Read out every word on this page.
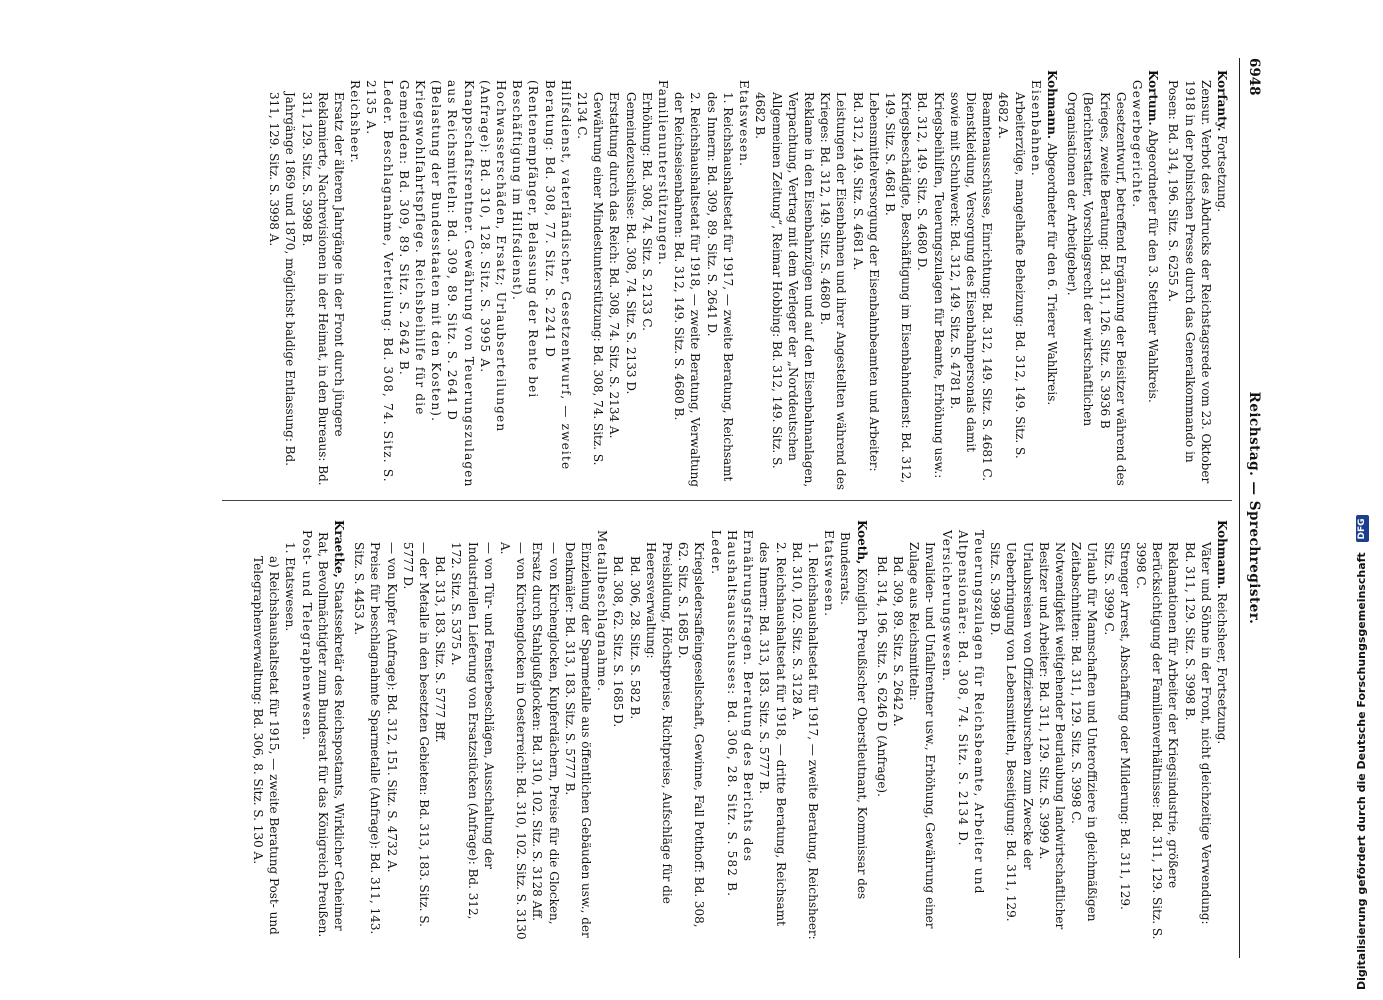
6948
Reichstag. — Sprechregister.

Korfanty. Fortsetzung.

Zensur. Verbot des Abdrucks der Reichstagsrede vom 23. Oktober 1918 in der polnischen Presse durch das Generalkommando in Posen: Bd. 314, 196. Sitz. S. 6255 A.

Kortum. Abgeordneter für den 3. Stettiner Wahlkreis.

Gewerbegerichte.

Gesetzentwurf, betreffend Ergänzung der Beisitzer während des Krieges, zweite Beratung: Bd. 311, 126. Sitz. S. 3936 B (Berichterstatter, Vorschlagsrecht der wirtschaftlichen Organisationen der Arbeitgeber).

Kohmann. Abgeordneter für den 6. Trierer Wahlkreis.

Eisenbahnen.

Arbeiterzüge, mangelhafte Beheizung: Bd. 312, 149. Sitz. S. 4682 A.

Beamtenausschüsse, Einrichtung: Bd. 312, 149. Sitz. S. 4681 C.

Dienstkleidung, Versorgung des Eisenbahnpersonals damit sowie mit Schuhwerk: Bd. 312, 149. Sitz. S. 4781 B.

Kriegsbeihilfen, Teuerungszulagen für Beamte, Erhöhung usw.: Bd. 312, 149. Sitz. S. 4680 D.

Kriegsbeschädigte, Beschäftigung im Eisenbahndienst: Bd. 312, 149. Sitz. S. 4681 B.

Lebensmittelversorgung der Eisenbahnbeamten und Arbeiter: Bd. 312, 149. Sitz. S. 4681 A.

Leistungen der Eisenbahnen und ihrer Angestellten während des Krieges: Bd. 312, 149. Sitz. S. 4680 B.

Reklame in den Eisenbahnzügen und auf den Eisenbahnanlagen, Verpachtung, Vertrag mit dem Verleger der „Norddeutschen Allgemeinen Zeitung“, Reimar Hobbing: Bd. 312, 149. Sitz. S. 4682 B.

Etatswesen.

1. Reichshaushaltsetat für 1917, — zweite Beratung, Reichsamt des Innern: Bd. 309, 89. Sitz. S. 2641 D.

2. Reichshaushaltsetat für 1918, — zweite Beratung, Verwaltung der Reichseisenbahnen: Bd. 312, 149. Sitz. S. 4680 B.

Familienunterstützungen.

Erhöhung: Bd. 308, 74. Sitz. S. 2133 C.

Gemeindezuschüsse: Bd. 308, 74. Sitz. S. 2133 D.

Erstattung durch das Reich: Bd. 308, 74. Sitz. S. 2134 A.

Gewährung einer Mindestunterstützung: Bd. 308, 74. Sitz. S. 2134 C.

Hilfsdienst, vaterländischer, Gesetzentwurf, — zweite Beratung: Bd. 308, 77. Sitz. S. 2241 D (Rentenempfänger, Belassung der Rente bei Beschäftigung im Hilfsdienst).

Hochwasserschäden, Ersatz; Urlaubserteilungen (Anfrage): Bd. 310, 128. Sitz. S. 3995 A.

Knappschaftsrentner. Gewährung von Teuerungszulagen aus Reichsmitteln: Bd. 309, 89. Sitz. S. 2641 D (Belastung der Bundesstaaten mit den Kosten).

Kriegswohlfahrtspflege. Reichsbeihilfe für die Gemeinden: Bd. 309, 89. Sitz. S. 2642 B.

Leder. Beschlagnahme, Verteilung: Bd. 308, 74. Sitz. S. 2135 A.

Reichsheer.

Ersatz der älteren Jahrgänge in der Front durch jüngere Reklamierte, Nachrevisionen in der Heimat, in den Bureaus: Bd. 311, 129. Sitz. S. 3998 B.

Jahrgänge 1869 und 1870, möglichst baldige Entlassung: Bd. 311, 129. Sitz. S. 3998 A.

Kohmann. Reichsheer, Fortsetzung.

Väter und Söhne in der Front, nicht gleichzeitige Verwendung: Bd. 311, 129. Sitz. S. 3998 B.

Reklamationen für Arbeiter der Kriegsindustrie, größere Berücksichtigung der Familienverhältnisse: Bd. 311, 129. Sitz. S. 3998 C.

Strenger Arrest, Abschaffung oder Milderung: Bd. 311, 129. Sitz. S. 3999 C.

Urlaub für Mannschaften und Unteroffiziere in gleichmäßigen Zeitabschnitten: Bd. 311, 129. Sitz. S. 3998 C.

Notwendigkeit weitgehender Beurlaubung landwirtschaftlicher Besitzer und Arbeiter: Bd. 311, 129. Sitz. S. 3999 A.

Urlaubsreisen von Offiziersburschen zum Zwecke der Ueberbringung von Lebensmitteln, Beseitigung: Bd. 311, 129. Sitz. S. 3998 D.

Teuerungszulagen für Reichsbeamte, Arbeiter und Altpensionäre: Bd. 308, 74. Sitz. S. 2134 D.

Versicherungswesen.

Invaliden- und Unfallrentner usw., Erhöhung, Gewährung einer Zulage aus Reichsmitteln:

Bd. 309, 89. Sitz. S. 2642 A.

Bd. 314, 196. Sitz. S. 6246 D (Anfrage).

Koeth, Königlich Preußischer Oberstleutnant, Kommissar des Bundesrats.

Etatswesen.

1. Reichshaushaltsetat für 1917, — zweite Beratung, Reichsheer: Bd. 310, 102. Sitz. S. 3128 A.

2. Reichshaushaltsetat für 1918, — dritte Beratung, Reichsamt des Innern: Bd. 313, 183. Sitz. S. 5777 B.

Ernährungsfragen. Beratung des Berichts des Haushaltsausschusses: Bd. 306, 28. Sitz. S. 582 B.

Leder.

Kriegsledersaffeingesellschaft, Gewinne, Fall Potthoff: Bd. 308, 62. Sitz. S. 1685 D.

Preisbildung, Höchstpreise, Richtpreise, Aufschläge für die Heeresverwaltung:

Bd. 306, 28. Sitz. S. 582 B.

Bd. 308, 62. Sitz. S. 1685 D.

Metallbeschlagnahme.

Einziehung der Sparmetalle aus öffentlichen Gebäuden usw., der Denkmäler: Bd. 313, 183. Sitz. S. 5777 B.

— von Kirchenglocken, Kupferdächern, Preise für die Glocken, Ersatz durch Stahlgußglocken: Bd. 310, 102. Sitz. S. 3128 Aff.

— von Kirchenglocken in Oesterreich: Bd. 310, 102. Sitz. S. 3130 A.

— von Tür- und Fensterbeschlägen, Ausschaltung der Industriellen Lieferung von Ersatzstücken (Anfrage): Bd. 312, 172. Sitz. S. 5375 A.

Bd. 313, 183. Sitz. S. 5777 Bff.

— der Metalle in den besetzten Gebieten: Bd. 313, 183. Sitz. S. 5777 D.

— von Kupfer (Anfrage): Bd. 312, 151. Sitz. S. 4732 A.

Preise für beschlagnahmte Sparmetalle (Anfrage): Bd. 311, 143. Sitz. S. 4453 A.

Kraetke, Staatssekretär des Reichspostamts, Wirklicher Geheimer Rat, Bevollmächtigter zum Bundesrat für das Königreich Preußen.

Post- und Telegraphenwesen.

1. Etatswesen.

a) Reichshaushaltsetat für 1915, — zweite Beratung Post- und Telegraphenverwaltung: Bd. 306, 8. Sitz. S. 130 A.	Digitalisierung gefördert durch die Deutsche Forschungsgemeinschaft DFG
